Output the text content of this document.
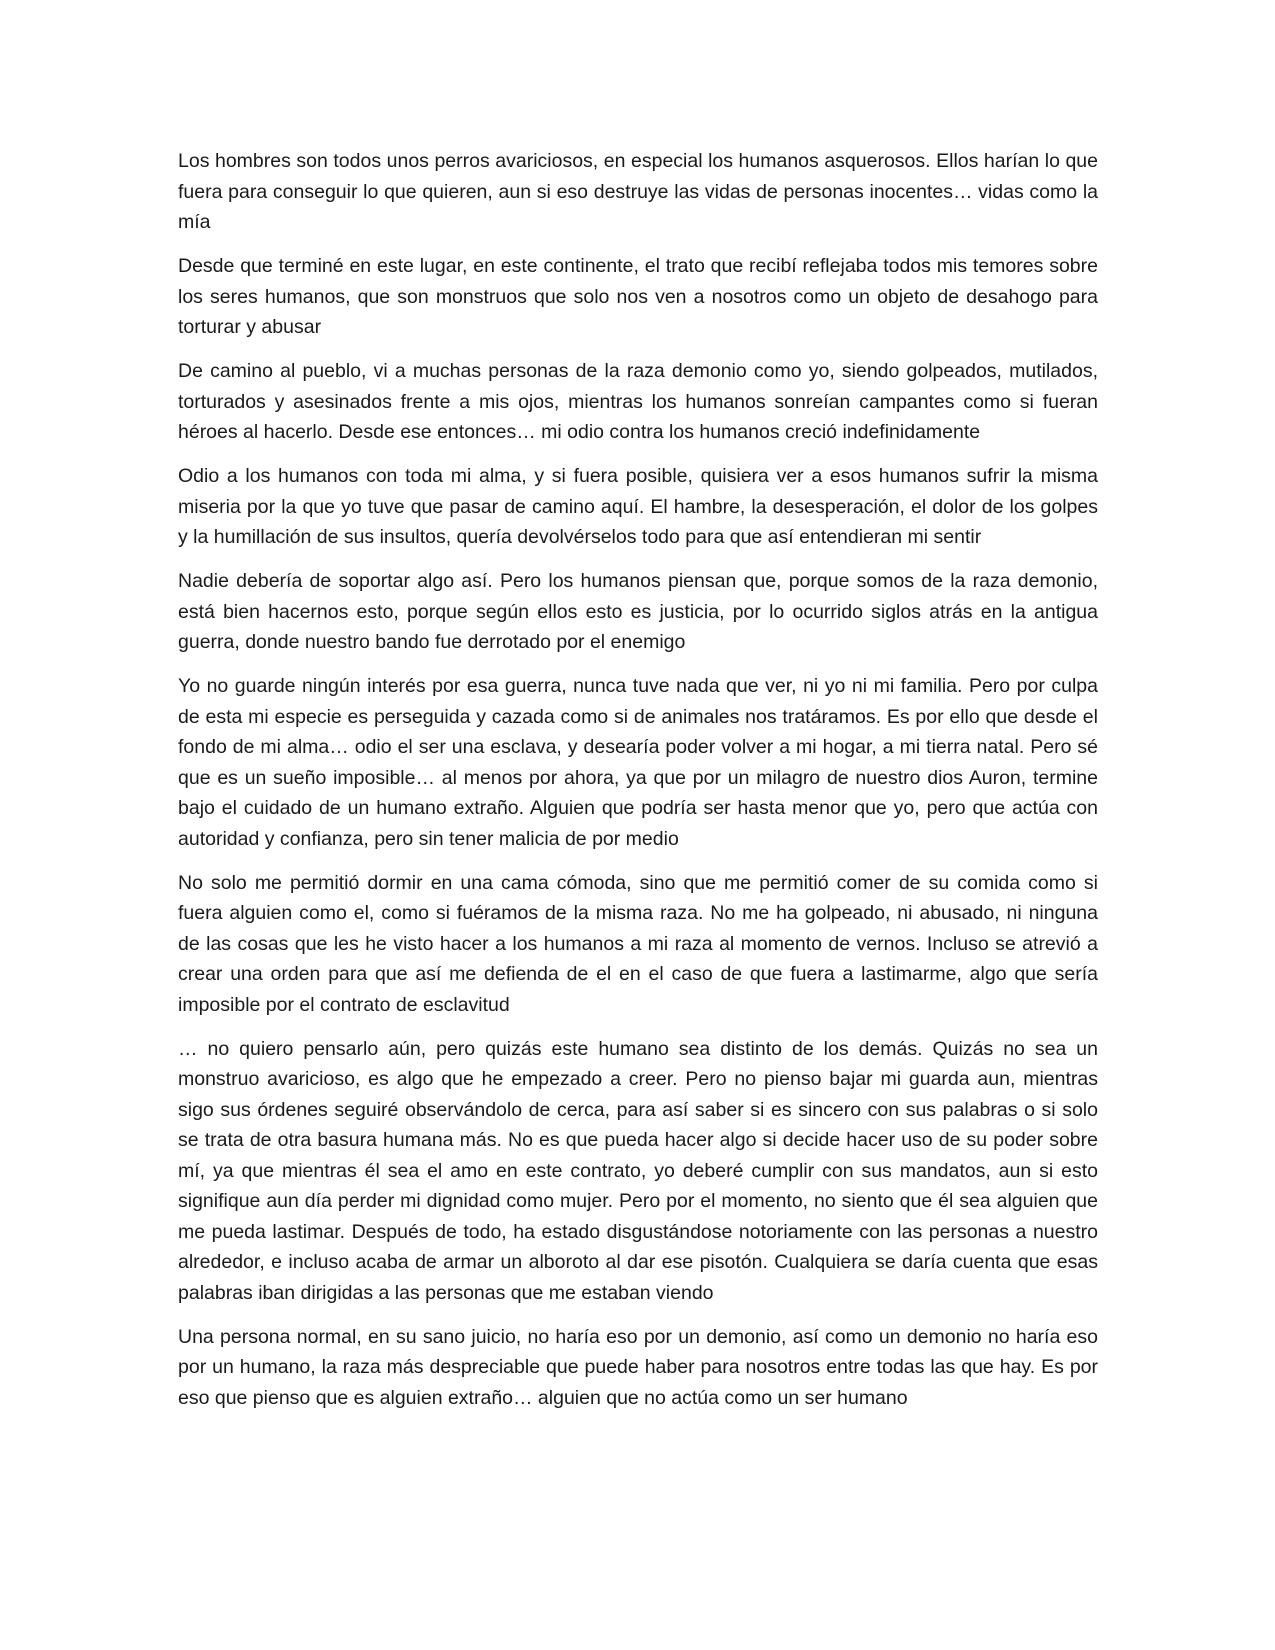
Los hombres son todos unos perros avariciosos, en especial los humanos asquerosos. Ellos harían lo que fuera para conseguir lo que quieren, aun si eso destruye las vidas de personas inocentes… vidas como la mía

Desde que terminé en este lugar, en este continente, el trato que recibí reflejaba todos mis temores sobre los seres humanos, que son monstruos que solo nos ven a nosotros como un objeto de desahogo para torturar y abusar

De camino al pueblo, vi a muchas personas de la raza demonio como yo, siendo golpeados, mutilados, torturados y asesinados frente a mis ojos, mientras los humanos sonreían campantes como si fueran héroes al hacerlo. Desde ese entonces… mi odio contra los humanos creció indefinidamente

Odio a los humanos con toda mi alma, y si fuera posible, quisiera ver a esos humanos sufrir la misma miseria por la que yo tuve que pasar de camino aquí. El hambre, la desesperación, el dolor de los golpes y la humillación de sus insultos, quería devolvérselos todo para que así entendieran mi sentir

Nadie debería de soportar algo así. Pero los humanos piensan que, porque somos de la raza demonio, está bien hacernos esto, porque según ellos esto es justicia, por lo ocurrido siglos atrás en la antigua guerra, donde nuestro bando fue derrotado por el enemigo

Yo no guarde ningún interés por esa guerra, nunca tuve nada que ver, ni yo ni mi familia. Pero por culpa de esta mi especie es perseguida y cazada como si de animales nos tratáramos. Es por ello que desde el fondo de mi alma… odio el ser una esclava, y desearía poder volver a mi hogar, a mi tierra natal. Pero sé que es un sueño imposible… al menos por ahora, ya que por un milagro de nuestro dios Auron, termine bajo el cuidado de un humano extraño. Alguien que podría ser hasta menor que yo, pero que actúa con autoridad y confianza, pero sin tener malicia de por medio

No solo me permitió dormir en una cama cómoda, sino que me permitió comer de su comida como si fuera alguien como el, como si fuéramos de la misma raza. No me ha golpeado, ni abusado, ni ninguna de las cosas que les he visto hacer a los humanos a mi raza al momento de vernos. Incluso se atrevió a crear una orden para que así me defienda de el en el caso de que fuera a lastimarme, algo que sería imposible por el contrato de esclavitud

… no quiero pensarlo aún, pero quizás este humano sea distinto de los demás. Quizás no sea un monstruo avaricioso, es algo que he empezado a creer. Pero no pienso bajar mi guarda aun, mientras sigo sus órdenes seguiré observándolo de cerca, para así saber si es sincero con sus palabras o si solo se trata de otra basura humana más. No es que pueda hacer algo si decide hacer uso de su poder sobre mí, ya que mientras él sea el amo en este contrato, yo deberé cumplir con sus mandatos, aun si esto signifique aun día perder mi dignidad como mujer. Pero por el momento, no siento que él sea alguien que me pueda lastimar. Después de todo, ha estado disgustándose notoriamente con las personas a nuestro alrededor, e incluso acaba de armar un alboroto al dar ese pisotón. Cualquiera se daría cuenta que esas palabras iban dirigidas a las personas que me estaban viendo

Una persona normal, en su sano juicio, no haría eso por un demonio, así como un demonio no haría eso por un humano, la raza más despreciable que puede haber para nosotros entre todas las que hay. Es por eso que pienso que es alguien extraño… alguien que no actúa como un ser humano
